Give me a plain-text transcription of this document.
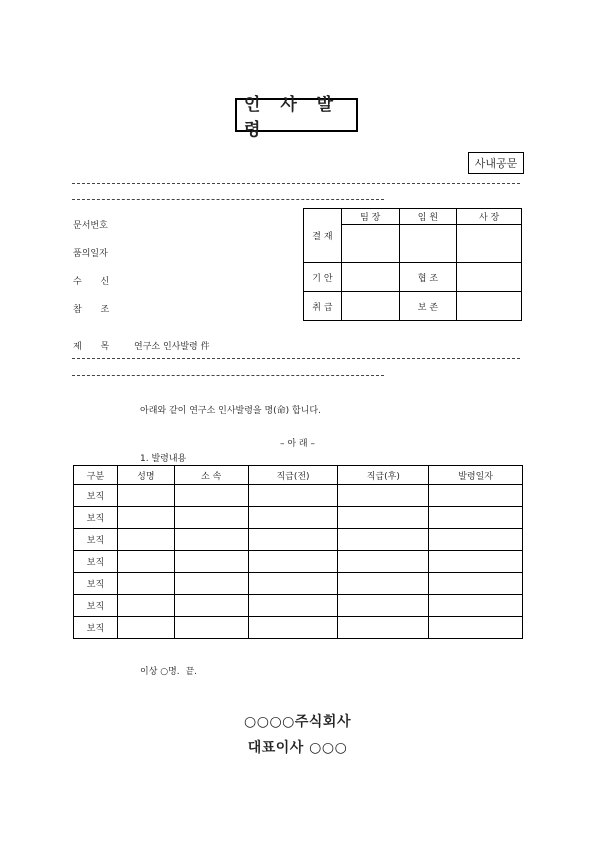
인 사 발 령
사내공문
문서번호
품의일자
수 신
참 조
결 재	팀 장	임 원	사 장

기 안		협 조	
취 급		보 존	
제 목	연구소 인사발령 件
아래와 같이 연구소 인사발령을 명(命) 합니다.
– 아 래 –
1. 발령내용
구분	성명	소 속	직급(전)	직급(후)	발령일자
보직					
보직					
보직					
보직					
보직					
보직					
보직					
이상 ○명.  끝.
○○○○주식회사
대표이사 ○○○
